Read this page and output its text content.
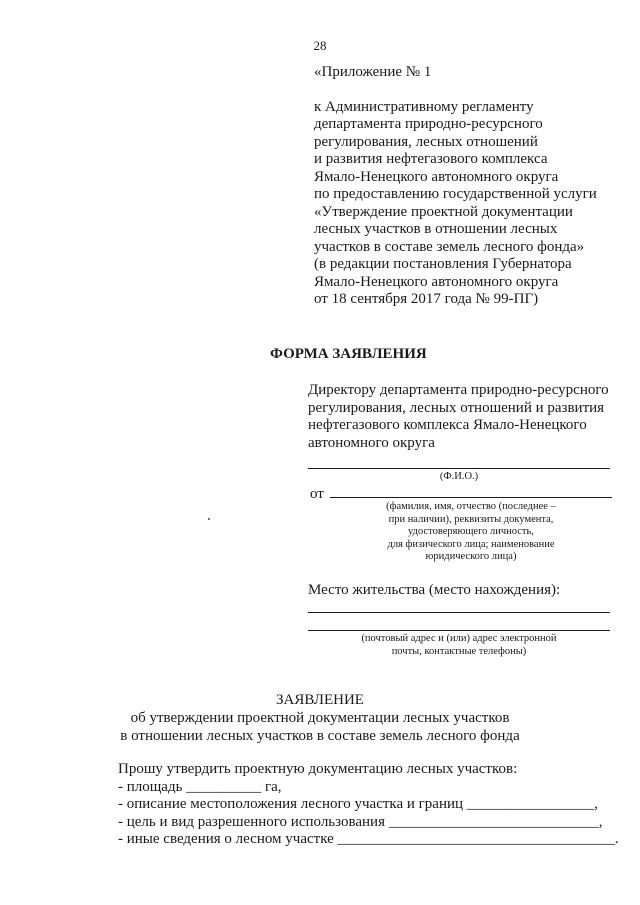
28
«Приложение № 1
к Административному регламенту
департамента природно-ресурсного
регулирования, лесных отношений
и развития нефтегазового комплекса
Ямало-Ненецкого автономного округа
по предоставлению государственной услуги
«Утверждение проектной документации
лесных участков в отношении лесных
участков в составе земель лесного фонда»
(в редакции постановления Губернатора
Ямало-Ненецкого автономного округа
от 18 сентября 2017 года № 99-ПГ)
ФОРМА ЗАЯВЛЕНИЯ
Директору департамента природно-ресурсного
регулирования, лесных отношений и развития
нефтегазового комплекса Ямало-Ненецкого
автономного округа
(Ф.И.О.)
от
(фамилия, имя, отчество (последнее –
при наличии), реквизиты документа,
удостоверяющего личность,
для физического лица; наименование
юридического лица)
Место жительства (место нахождения):
(почтовый адрес и (или) адрес электронной
почты, контактные телефоны)
ЗАЯВЛЕНИЕ
об утверждении проектной документации лесных участков
в отношении лесных участков в составе земель лесного фонда
Прошу утвердить проектную документацию лесных участков:
- площадь __________ га,
- описание местоположения лесного участка и границ _________________,
- цель и вид разрешенного использования ____________________________,
- иные сведения о лесном участке _____________________________________.
